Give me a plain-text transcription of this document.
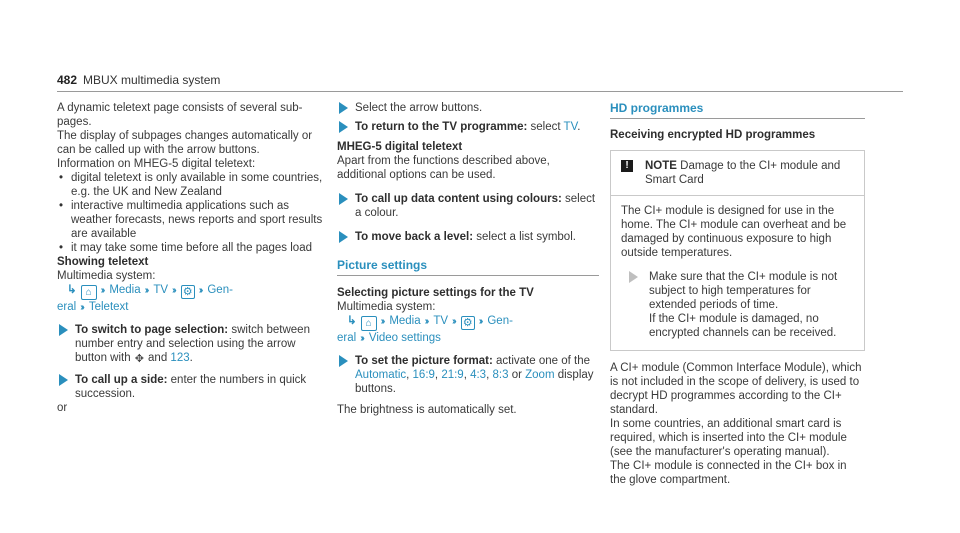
482 MBUX multimedia system

A dynamic teletext page consists of several sub-pages.

The display of subpages changes automatically or can be called up with the arrow buttons.

Information on MHEG-5 digital teletext:

• digital teletext is only available in some countries, e.g. the UK and New Zealand
• interactive multimedia applications such as weather forecasts, news reports and sport results are available
• it may take some time before all the pages load

Showing teletext

Multimedia system:

↳ ⌂ ›› Media ›› TV ›› ⚙ ›› Gen-

eral ›› Teletext

To switch to page selection: switch between number entry and selection using the arrow button with ✥ and 123.
To call up a side: enter the numbers in quick succession.

or

Select the arrow buttons.
To return to the TV programme: select TV.

MHEG-5 digital teletext

Apart from the functions described above, additional options can be used.

To call up data content using colours: select a colour.
To move back a level: select a list symbol.
Picture settings

Selecting picture settings for the TV

Multimedia system:

↳ ⌂ ›› Media ›› TV ›› ⚙ ›› Gen-

eral ›› Video settings

To set the picture format: activate one of the Automatic, 16:9, 21:9, 4:3, 8:3 or Zoom display buttons.

The brightness is automatically set.

HD programmes

Receiving encrypted HD programmes

!	NOTE Damage to the CI+ module and Smart Card

The CI+ module is designed for use in the home. The CI+ module can overheat and be damaged by continuous exposure to high outside temperatures.

Make sure that the CI+ module is not subject to high temperatures for extended periods of time.

If the CI+ module is damaged, no encrypted channels can be received.

A CI+ module (Common Interface Module), which is not included in the scope of delivery, is used to decrypt HD programmes according to the CI+ standard.

In some countries, an additional smart card is required, which is inserted into the CI+ module (see the manufacturer's operating manual).

The CI+ module is connected in the CI+ box in the glove compartment.
